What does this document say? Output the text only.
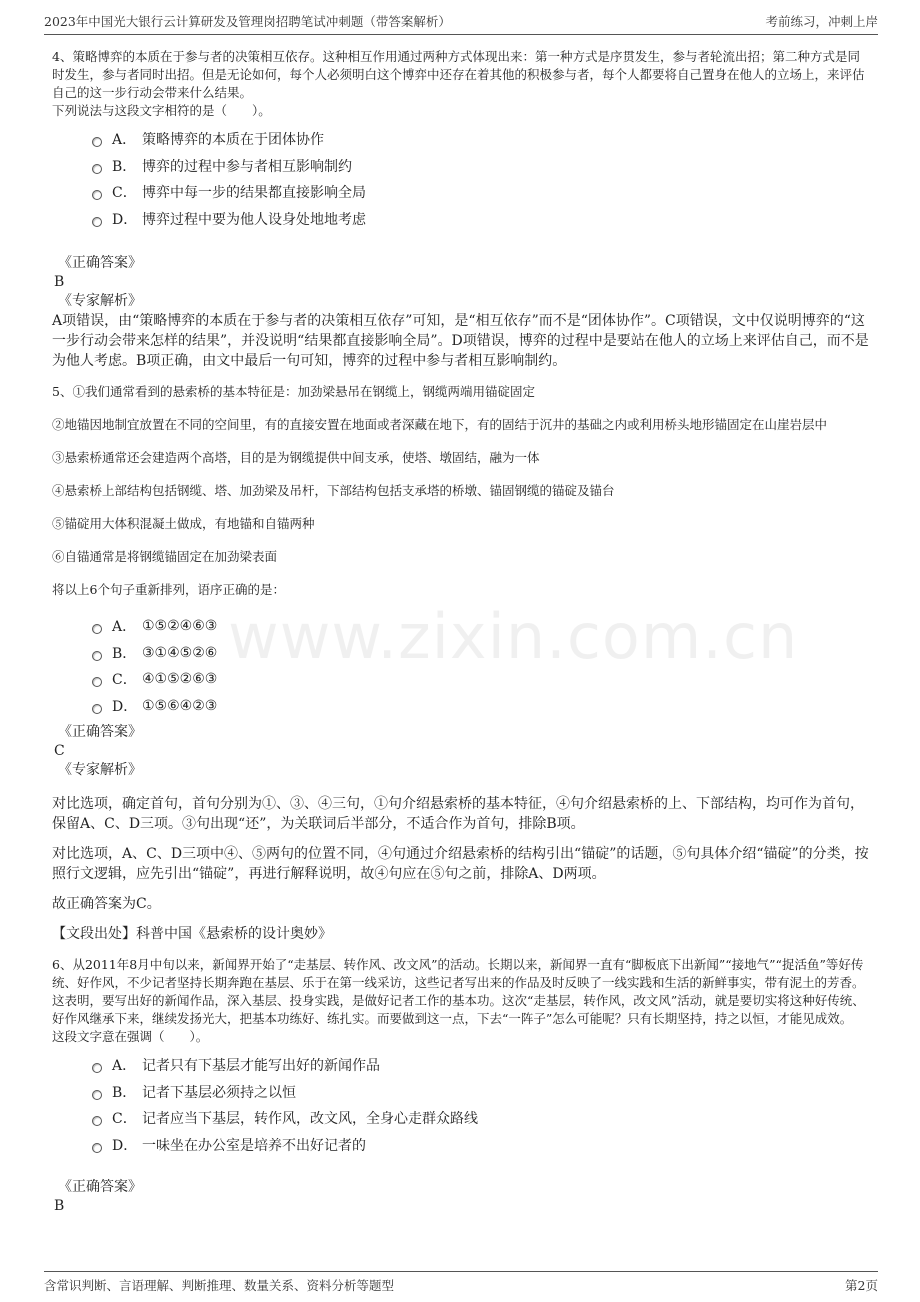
2023年中国光大银行云计算研发及管理岗招聘笔试冲刺题（带答案解析）	考前练习，冲刺上岸
www.zixin.com.cn

4、策略博弈的本质在于参与者的决策相互依存。这种相互作用通过两种方式体现出来：第一种方式是序贯发生，参与者轮流出招；第二种方式是同时发生，参与者同时出招。但是无论如何，每个人必须明白这个博弈中还存在着其他的积极参与者，每个人都要将自己置身在他人的立场上，来评估自己的这一步行动会带来什么结果。

下列说法与这段文字相符的是（　　）。

A． 策略博弈的本质在于团体协作
B． 博弈的过程中参与者相互影响制约
C． 博弈中每一步的结果都直接影响全局
D． 博弈过程中要为他人设身处地地考虑

《正确答案》

B

《专家解析》

A项错误，由“策略博弈的本质在于参与者的决策相互依存”可知，是“相互依存”而不是“团体协作”。C项错误，文中仅说明博弈的“这一步行动会带来怎样的结果”，并没说明“结果都直接影响全局”。D项错误，博弈的过程中是要站在他人的立场上来评估自己，而不是为他人考虑。B项正确，由文中最后一句可知，博弈的过程中参与者相互影响制约。

5、①我们通常看到的悬索桥的基本特征是：加劲梁悬吊在钢缆上，钢缆两端用锚碇固定

②地锚因地制宜放置在不同的空间里，有的直接安置在地面或者深藏在地下，有的固结于沉井的基础之内或利用桥头地形锚固定在山崖岩层中

③悬索桥通常还会建造两个高塔，目的是为钢缆提供中间支承，使塔、墩固结，融为一体

④悬索桥上部结构包括钢缆、塔、加劲梁及吊杆，下部结构包括支承塔的桥墩、锚固钢缆的锚碇及锚台

⑤锚碇用大体积混凝土做成，有地锚和自锚两种

⑥自锚通常是将钢缆锚固定在加劲梁表面

将以上6个句子重新排列，语序正确的是：

A． ①⑤②④⑥③
B． ③①④⑤②⑥
C． ④①⑤②⑥③
D． ①⑤⑥④②③

《正确答案》

C

《专家解析》

对比选项，确定首句，首句分别为①、③、④三句，①句介绍悬索桥的基本特征，④句介绍悬索桥的上、下部结构，均可作为首句，保留A、C、D三项。③句出现“还”，为关联词后半部分，不适合作为首句，排除B项。

对比选项，A、C、D三项中④、⑤两句的位置不同，④句通过介绍悬索桥的结构引出“锚碇”的话题，⑤句具体介绍“锚碇”的分类，按照行文逻辑，应先引出“锚碇”，再进行解释说明，故④句应在⑤句之前，排除A、D两项。

故正确答案为C。

【文段出处】科普中国《悬索桥的设计奥妙》

6、从2011年8月中旬以来，新闻界开始了“走基层、转作风、改文风”的活动。长期以来，新闻界一直有“脚板底下出新闻”“接地气”“捉活鱼”等好传统、好作风，不少记者坚持长期奔跑在基层、乐于在第一线采访，这些记者写出来的作品及时反映了一线实践和生活的新鲜事实，带有泥土的芳香。这表明，要写出好的新闻作品，深入基层、投身实践，是做好记者工作的基本功。这次“走基层，转作风，改文风”活动，就是要切实将这种好传统、好作风继承下来，继续发扬光大，把基本功练好、练扎实。而要做到这一点，下去“一阵子”怎么可能呢？只有长期坚持，持之以恒，才能见成效。

这段文字意在强调（　　）。

A． 记者只有下基层才能写出好的新闻作品
B． 记者下基层必须持之以恒
C． 记者应当下基层，转作风，改文风，全身心走群众路线
D． 一味坐在办公室是培养不出好记者的

《正确答案》

B

含常识判断、言语理解、判断推理、数量关系、资料分析等题型	第2页
